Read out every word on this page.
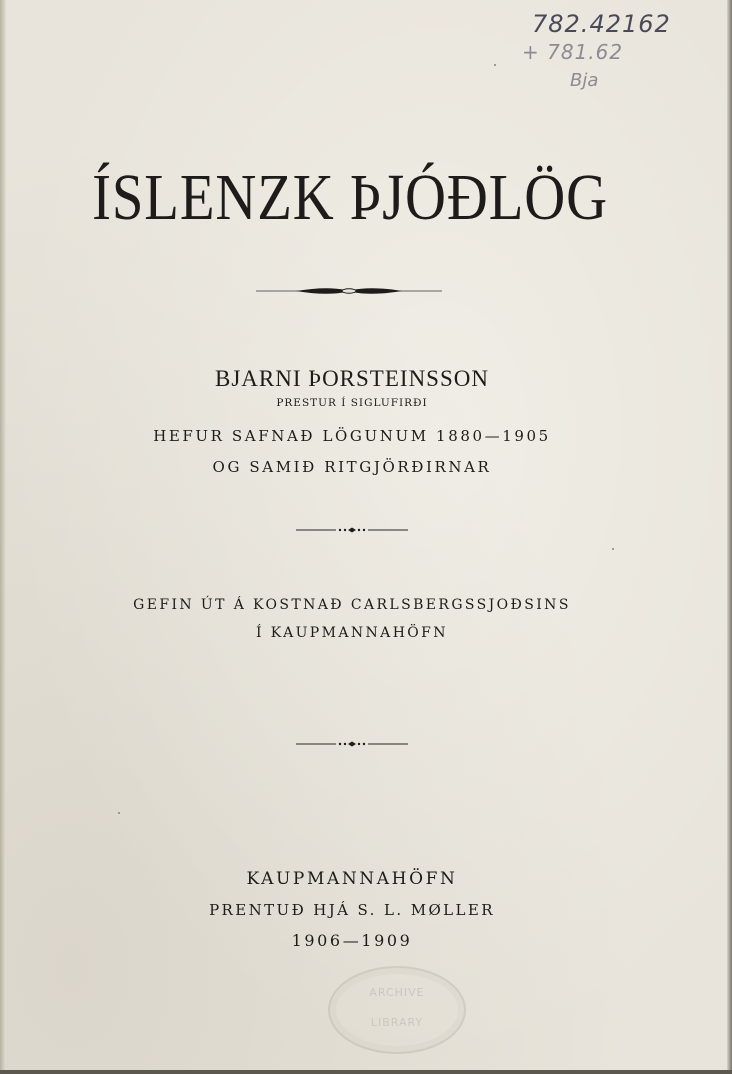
782.42162
+ 781.62
Bja
ÍSLENZK ÞJÓÐLÖG
BJARNI ÞORSTEINSSON
PRESTUR Í SIGLUFIRÐI
HEFUR SAFNAÐ LÖGUNUM 1880—1905
OG SAMIÐ RITGJÖRÐIRNAR
GEFIN ÚT Á KOSTNAÐ CARLSBERGSSJOÐSINS
Í KAUPMANNAHÖFN
KAUPMANNAHÖFN
PRENTUÐ HJÁ S. L. MØLLER
1906—1909
ARCHIVE
LIBRARY
